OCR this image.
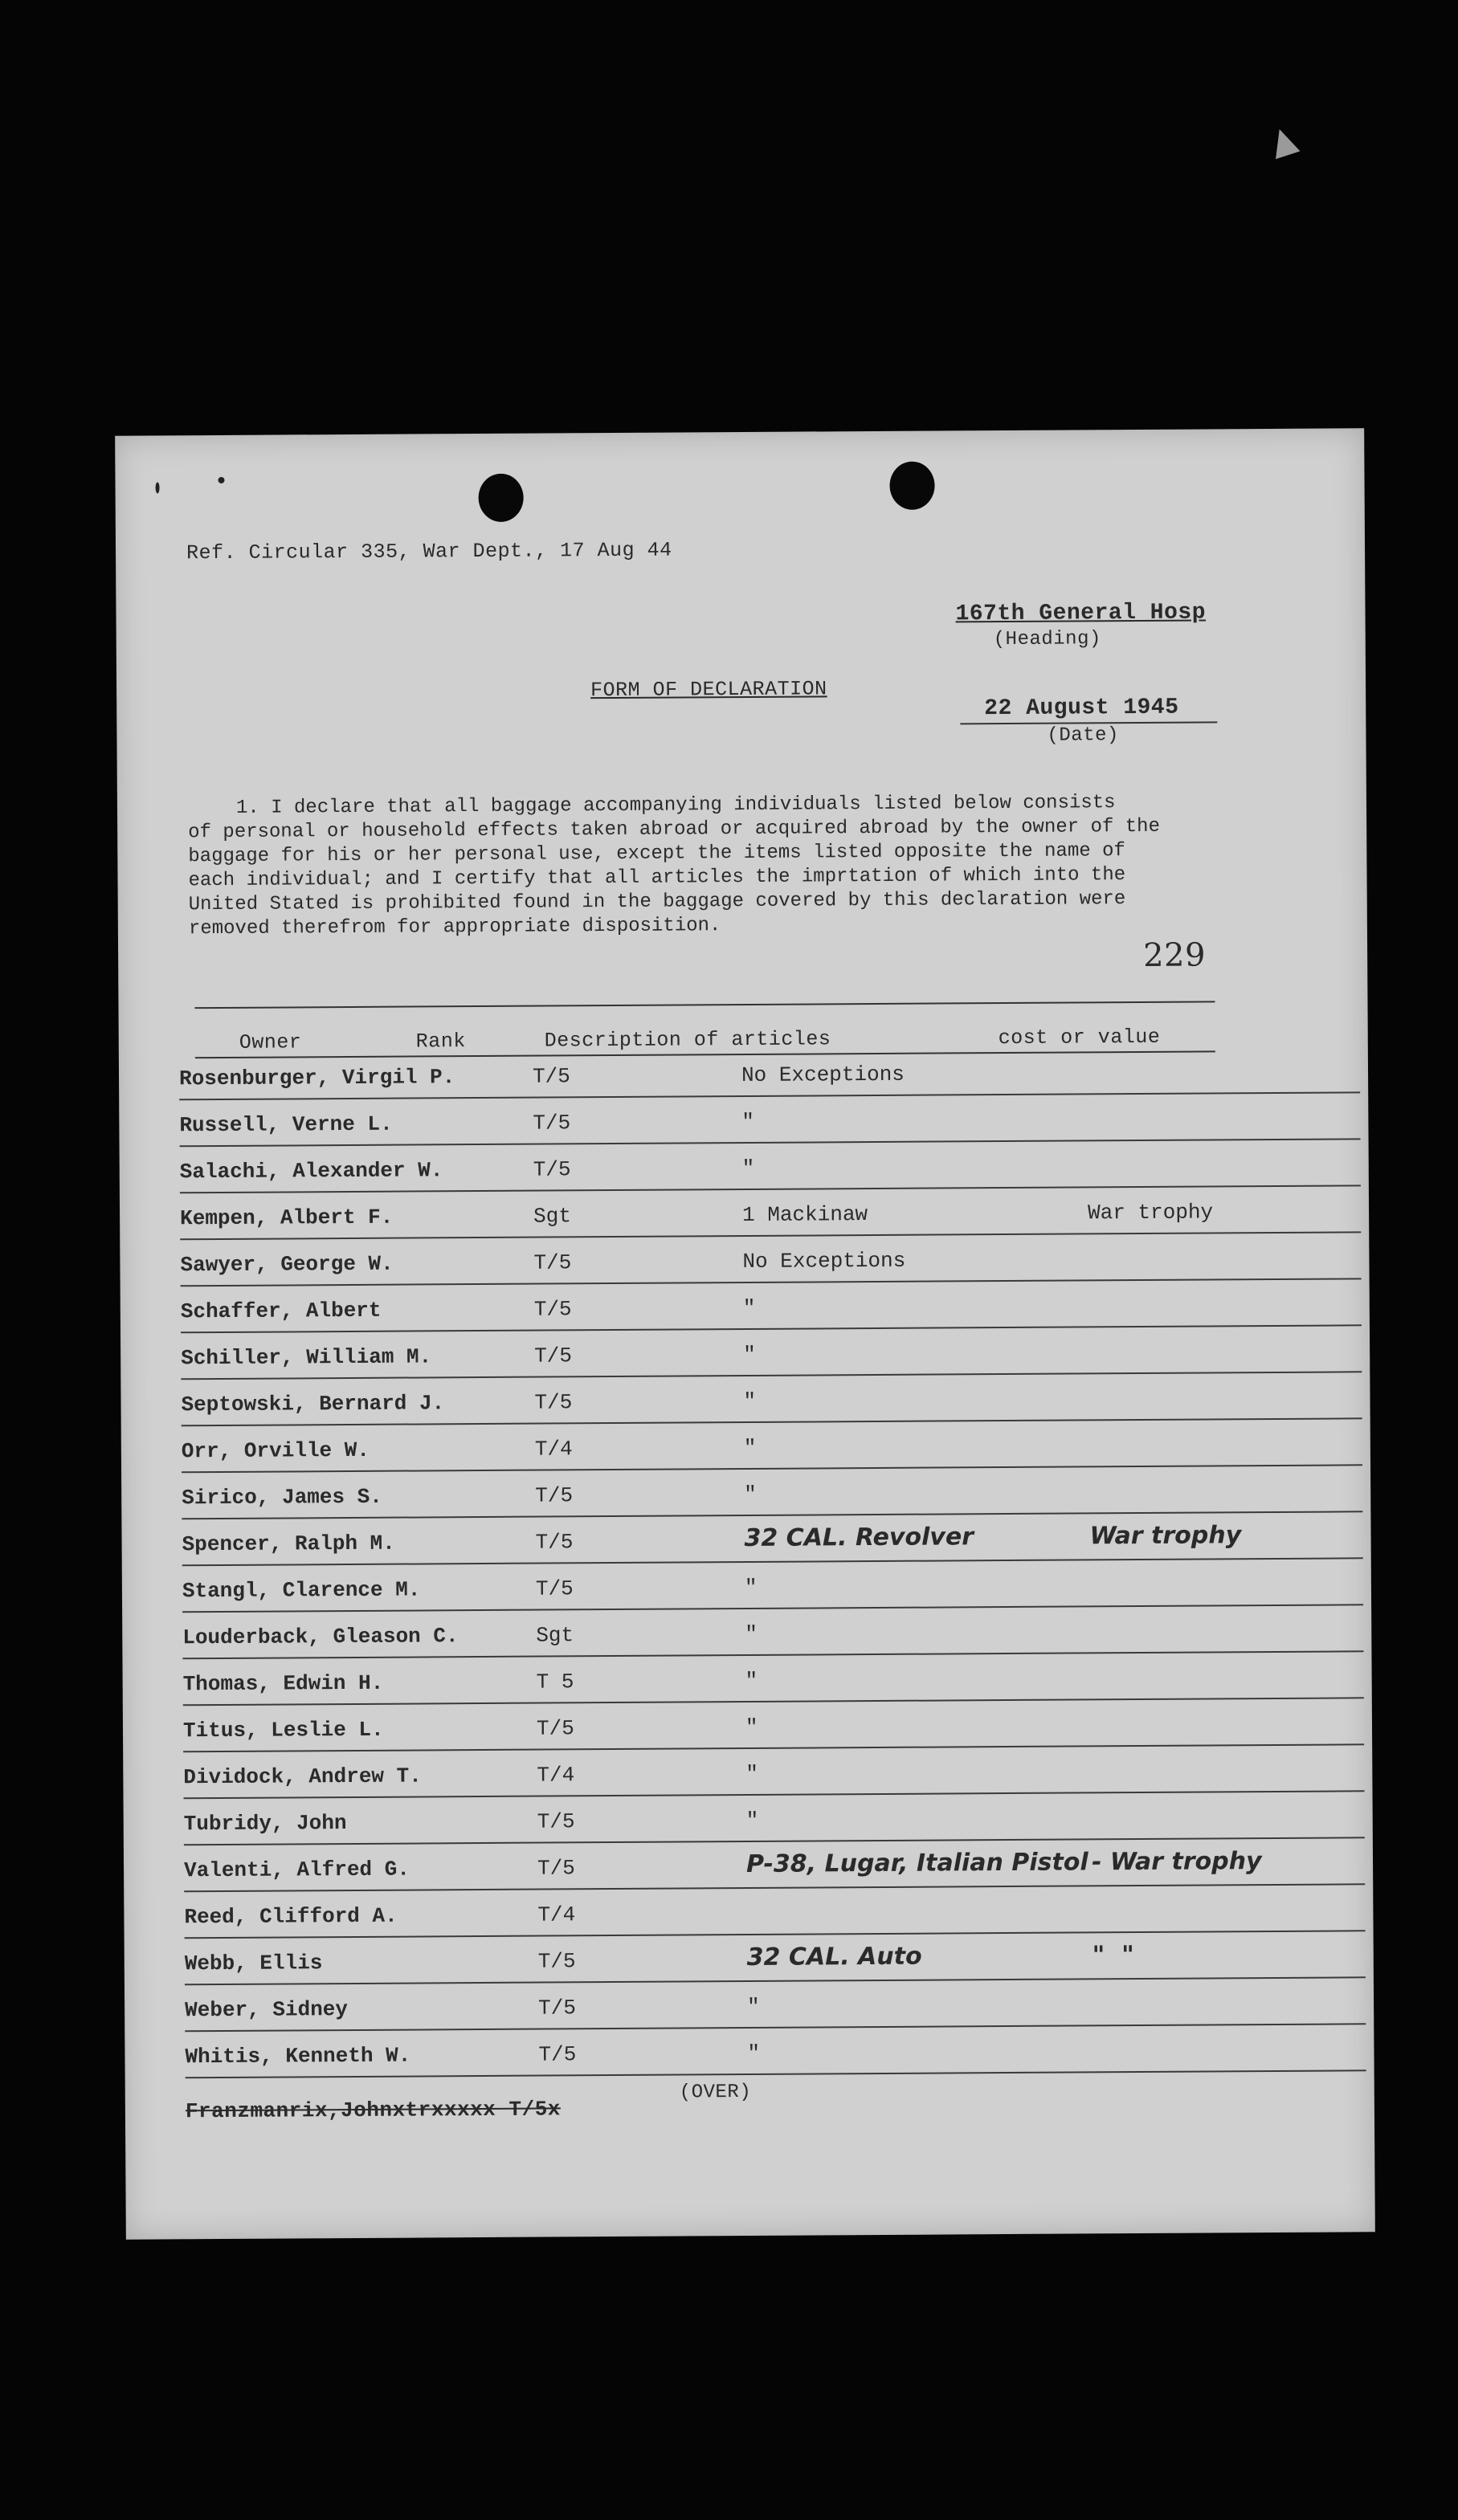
Ref. Circular 335, War Dept., 17 Aug 44
167th General Hosp
(Heading)
FORM OF DECLARATION
22 August 1945
(Date)
1. I declare that all baggage accompanying individuals listed below consists
of personal or household effects taken abroad or acquired abroad by the owner of the
baggage for his or her personal use, except the items listed opposite the name of
each individual; and I certify that all articles the imprtation of which into the
United Stated is prohibited found in the baggage covered by this declaration were
removed therefrom for appropriate disposition.
229
Owner	Rank	Description of articles	cost or value
Rosenburger, Virgil P.	T/5	No Exceptions
Russell, Verne L.	T/5	"
Salachi, Alexander W.	T/5	"
Kempen, Albert F.	Sgt	1 Mackinaw	War trophy
Sawyer, George W.	T/5	No Exceptions
Schaffer, Albert	T/5	"
Schiller, William M.	T/5	"
Septowski, Bernard J.	T/5	"
Orr, Orville W.	T/4	"
Sirico, James S.	T/5	"
Spencer, Ralph M.	T/5	32 CAL. Revolver	War trophy
Stangl, Clarence M.	T/5	"
Louderback, Gleason C.	Sgt	"
Thomas, Edwin H.	T 5	"
Titus, Leslie L.	T/5	"
Dividock, Andrew T.	T/4	"
Tubridy, John	T/5	"
Valenti, Alfred G.	T/5	P-38, Lugar, Italian Pistol - War trophy
Reed, Clifford A.	T/4
Webb, Ellis	T/5	32 CAL. Auto	"  "
Weber, Sidney	T/5	"
Whitis, Kenneth W.	T/5	"
(OVER)
Franzmanrix,Johnxtrxxxxx T/5x
